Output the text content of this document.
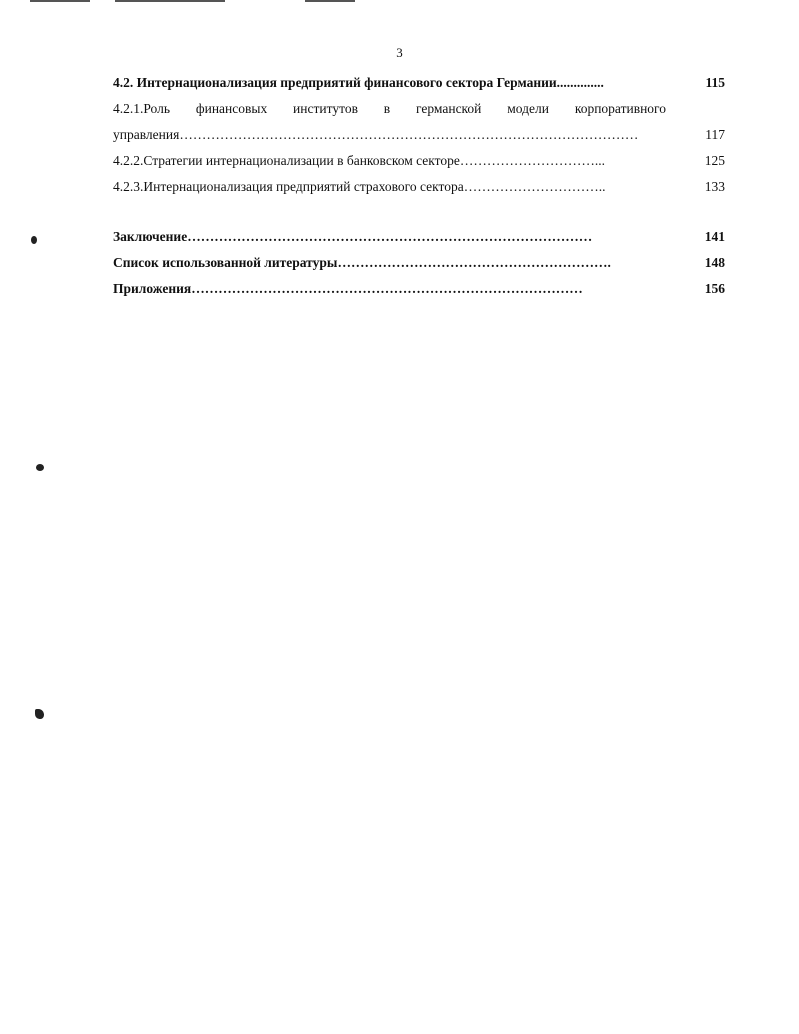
3
4.2. Интернационализация предприятий финансового сектора Германии..............	115
4.2.1.Роль финансовых институтов в германской модели корпоративного
управления…………………………………………………………………………………………	117
4.2.2.Стратегии интернационализации в банковском секторе…………………………...	125
4.2.3.Интернационализация предприятий страхового сектора…………………………..	133
Заключение………………………………………………………………………………	141
Список использованной литературы…………………………………………………….	148
Приложения……………………………………………………………………………	156
